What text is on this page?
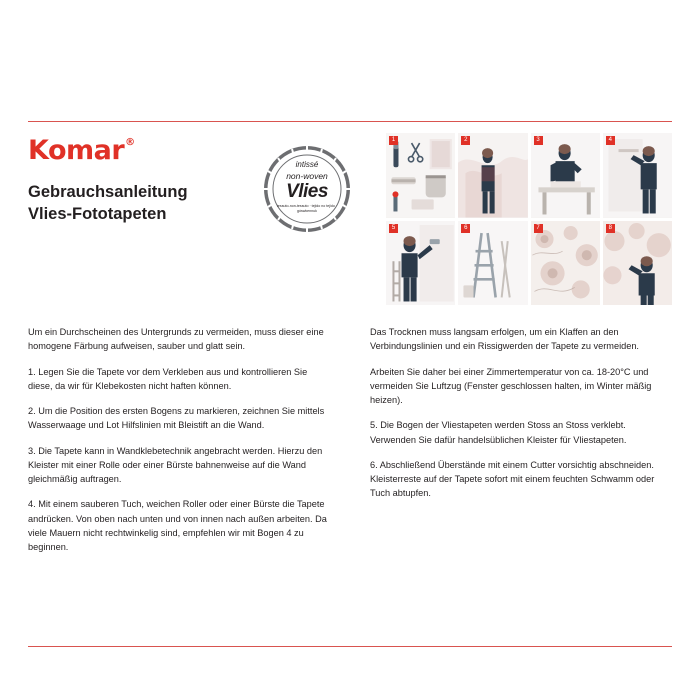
Komar®
Gebrauchsanleitung
Vlies-Fototapeten
intissé
non-woven
Vlies
tessuto-non-tessuto · tejido no tejido · góswkennuk
1	2	3	4
5	6	7	8

Um ein Durchscheinen des Untergrunds zu vermeiden, muss dieser eine homogene Färbung aufweisen, sauber und glatt sein.

1. Legen Sie die Tapete vor dem Verkleben aus und kontrollieren Sie diese, da wir für Klebekosten nicht haften können.

2. Um die Position des ersten Bogens zu markieren, zeichnen Sie mittels Wasserwaage und Lot Hilfslinien mit Bleistift an die Wand.

3. Die Tapete kann in Wandklebetechnik angebracht werden. Hierzu den Kleister mit einer Rolle oder einer Bürste bahnenweise auf die Wand gleichmäßig auftragen.

4. Mit einem sauberen Tuch, weichen Roller oder einer Bürste die Tapete andrücken. Von oben nach unten und von innen nach außen arbeiten. Da viele Mauern nicht rechtwinkelig sind, empfehlen wir mit Bogen 4 zu beginnen.

Das Trocknen muss langsam erfolgen, um ein Klaffen an den Verbindungslinien und ein Rissigwerden der Tapete zu vermeiden.

Arbeiten Sie daher bei einer Zimmertemperatur von ca. 18-20°C und vermeiden Sie Luftzug (Fenster geschlossen halten, im Winter mäßig heizen).

5. Die Bogen der Vliestapeten werden Stoss an Stoss verklebt. Verwenden Sie dafür handelsüblichen Kleister für Vliestapeten.

6. Abschließend Überstände mit einem Cutter vorsichtig abschneiden. Kleisterreste auf der Tapete sofort mit einem feuchten Schwamm oder Tuch abtupfen.
